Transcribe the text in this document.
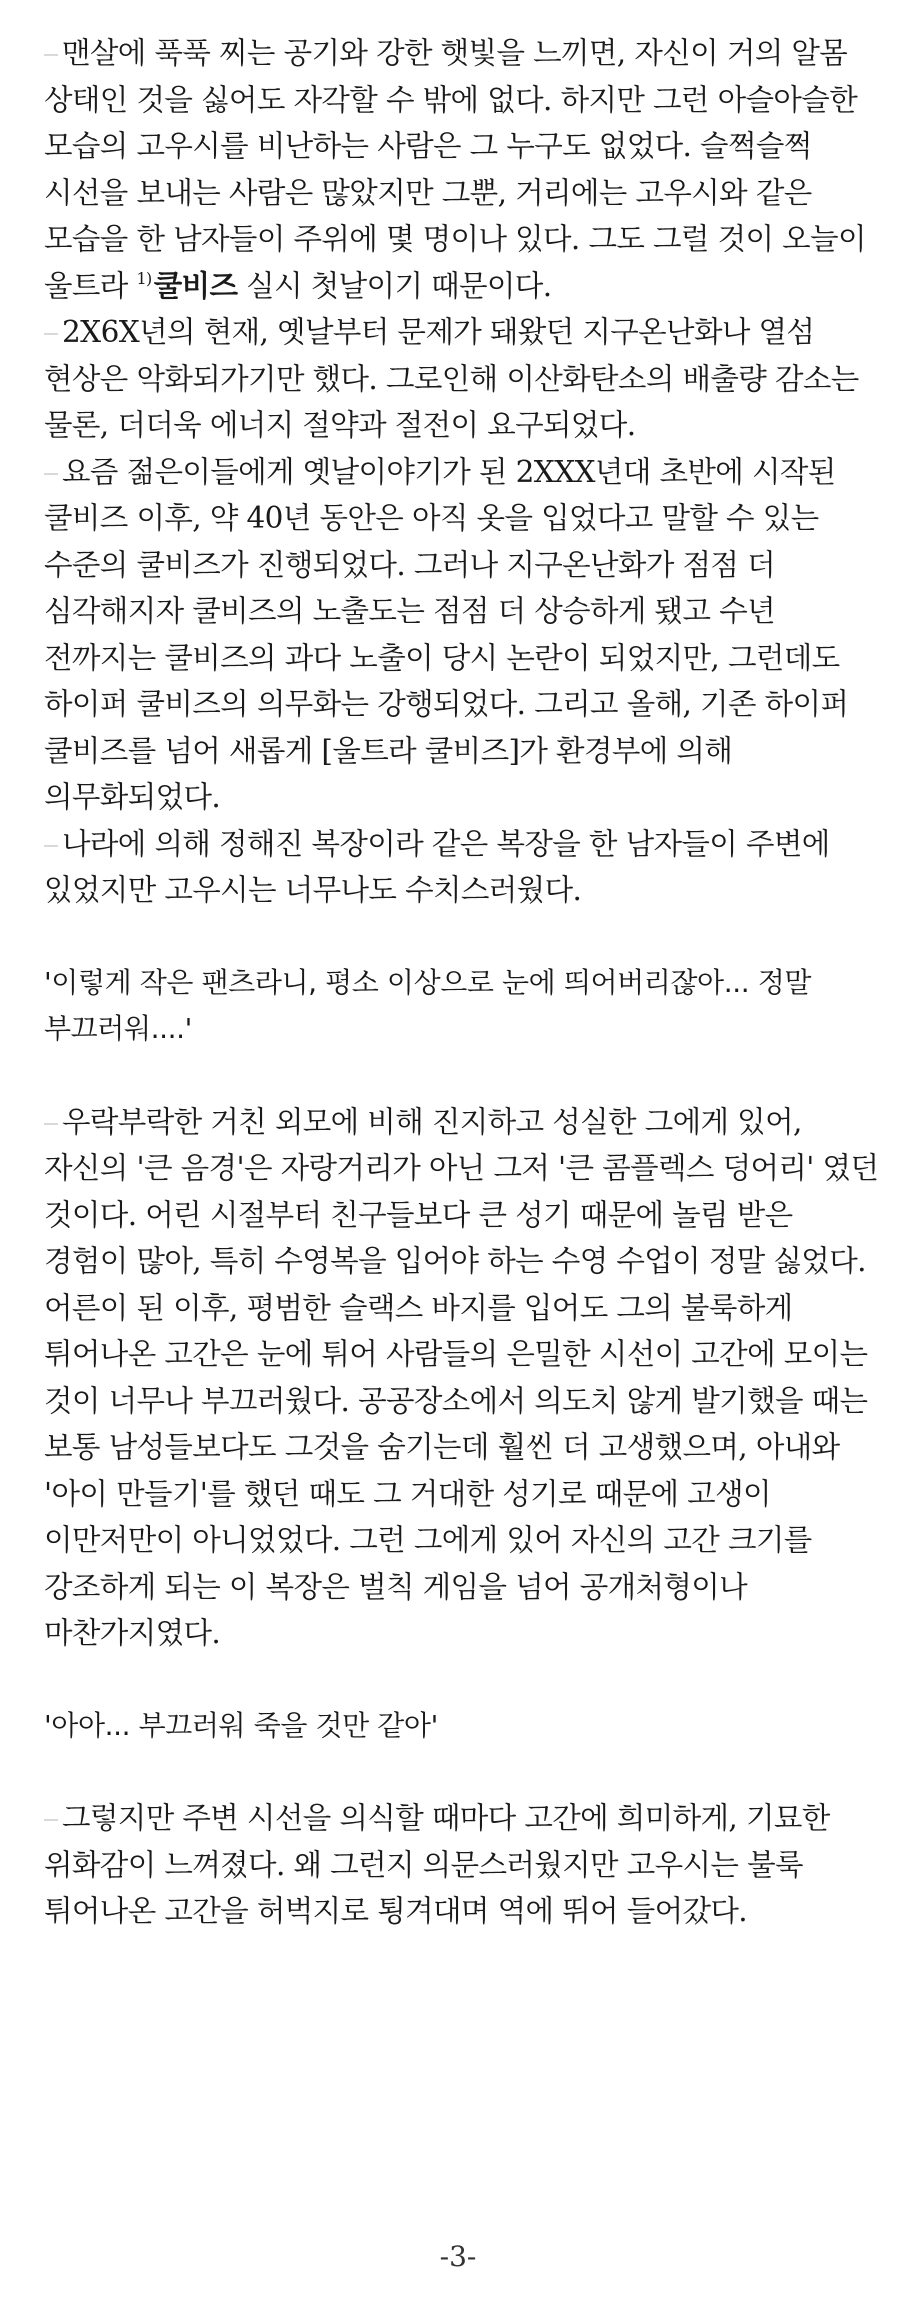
맨살에 푹푹 찌는 공기와 강한 햇빛을 느끼면, 자신이 거의 알몸 상태인 것을 싫어도 자각할 수 밖에 없다. 하지만 그런 아슬아슬한 모습의 고우시를 비난하는 사람은 그 누구도 없었다. 슬쩍슬쩍 시선을 보내는 사람은 많았지만 그뿐, 거리에는 고우시와 같은 모습을 한 남자들이 주위에 몇 명이나 있다. 그도 그럴 것이 오늘이 울트라 $^{1)}$쿨비즈 실시 첫날이기 때문이다.

2X6X년의 현재, 옛날부터 문제가 돼왔던 지구온난화나 열섬 현상은 악화되가기만 했다. 그로인해 이산화탄소의 배출량 감소는 물론, 더더욱 에너지 절약과 절전이 요구되었다.

요즘 젊은이들에게 옛날이야기가 된 2XXX년대 초반에 시작된 쿨비즈 이후, 약 40년 동안은 아직 옷을 입었다고 말할 수 있는 수준의 쿨비즈가 진행되었다. 그러나 지구온난화가 점점 더 심각해지자 쿨비즈의 노출도는 점점 더 상승하게 됐고 수년 전까지는 쿨비즈의 과다 노출이 당시 논란이 되었지만, 그런데도 하이퍼 쿨비즈의 의무화는 강행되었다. 그리고 올해, 기존 하이퍼 쿨비즈를 넘어 새롭게 [울트라 쿨비즈]가 환경부에 의해 의무화되었다.

나라에 의해 정해진 복장이라 같은 복장을 한 남자들이 주변에 있었지만 고우시는 너무나도 수치스러웠다.

'이렇게 작은 팬츠라니, 평소 이상으로 눈에 띄어버리잖아... 정말 부끄러워....'

우락부락한 거친 외모에 비해 진지하고 성실한 그에게 있어, 자신의 '큰 음경'은 자랑거리가 아닌 그저 '큰 콤플렉스 덩어리' 였던 것이다. 어린 시절부터 친구들보다 큰 성기 때문에 놀림 받은 경험이 많아, 특히 수영복을 입어야 하는 수영 수업이 정말 싫었다. 어른이 된 이후, 평범한 슬랙스 바지를 입어도 그의 불룩하게 튀어나온 고간은 눈에 튀어 사람들의 은밀한 시선이 고간에 모이는 것이 너무나 부끄러웠다. 공공장소에서 의도치 않게 발기했을 때는 보통 남성들보다도 그것을 숨기는데 훨씬 더 고생했으며, 아내와 '아이 만들기'를 했던 때도 그 거대한 성기로 때문에 고생이 이만저만이 아니었었다. 그런 그에게 있어 자신의 고간 크기를 강조하게 되는 이 복장은 벌칙 게임을 넘어 공개처형이나 마찬가지였다.

'아아... 부끄러워 죽을 것만 같아'

그렇지만 주변 시선을 의식할 때마다 고간에 희미하게, 기묘한 위화감이 느껴졌다. 왜 그런지 의문스러웠지만 고우시는 불룩 튀어나온 고간을 허벅지로 툉겨대며 역에 뛰어 들어갔다.

-3-
